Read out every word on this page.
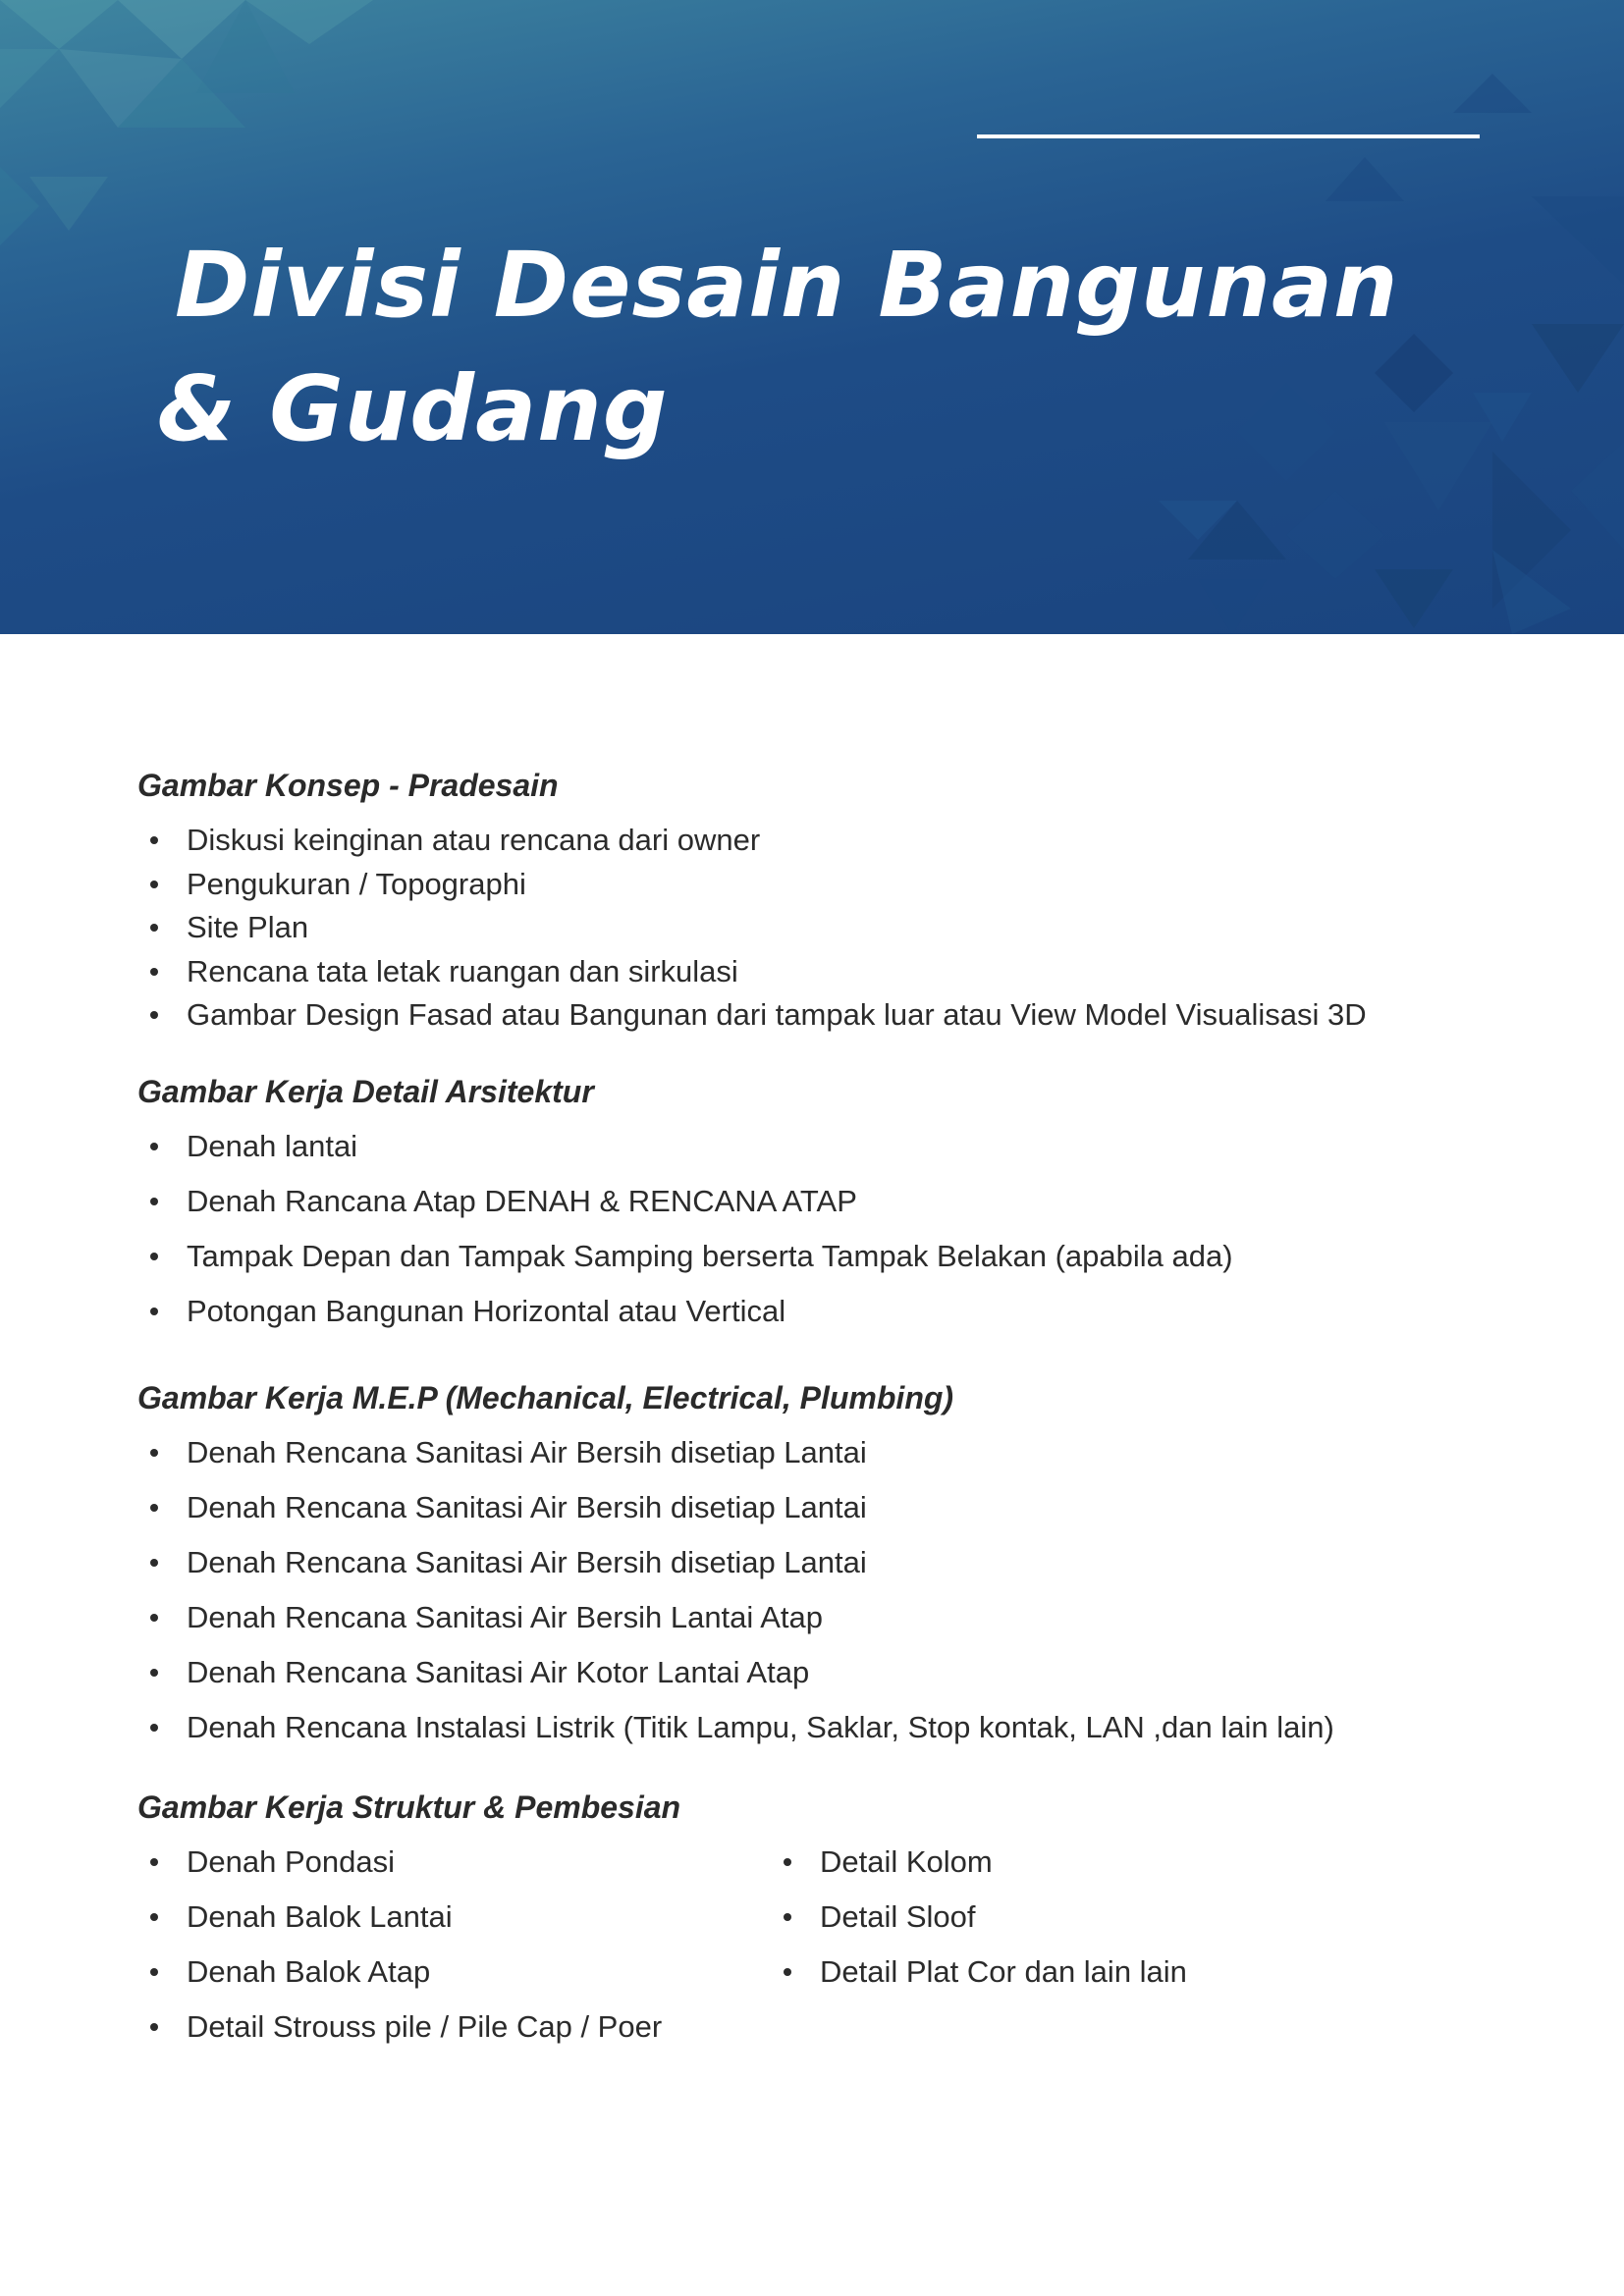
Divisi Desain Bangunan
& Gudang
Gambar Konsep - Pradesain
Diskusi keinginan atau rencana dari owner
Pengukuran / Topographi
Site Plan
Rencana tata letak ruangan dan sirkulasi
Gambar Design Fasad atau Bangunan dari tampak luar atau View Model Visualisasi 3D
Gambar Kerja Detail Arsitektur
Denah lantai
Denah Rancana Atap DENAH & RENCANA ATAP
Tampak Depan dan Tampak Samping berserta Tampak Belakan (apabila ada)
Potongan Bangunan Horizontal atau Vertical
Gambar Kerja M.E.P (Mechanical, Electrical, Plumbing)
Denah Rencana Sanitasi Air Bersih disetiap Lantai
Denah Rencana Sanitasi Air Bersih disetiap Lantai
Denah Rencana Sanitasi Air Bersih disetiap Lantai
Denah Rencana Sanitasi Air Bersih Lantai Atap
Denah Rencana Sanitasi Air Kotor Lantai Atap
Denah Rencana Instalasi Listrik (Titik Lampu, Saklar, Stop kontak, LAN ,dan lain lain)
Gambar Kerja Struktur & Pembesian
Denah Pondasi
Denah Balok Lantai
Denah Balok Atap
Detail Strouss pile / Pile Cap / Poer
Detail Kolom
Detail Sloof
Detail Plat Cor dan lain lain
